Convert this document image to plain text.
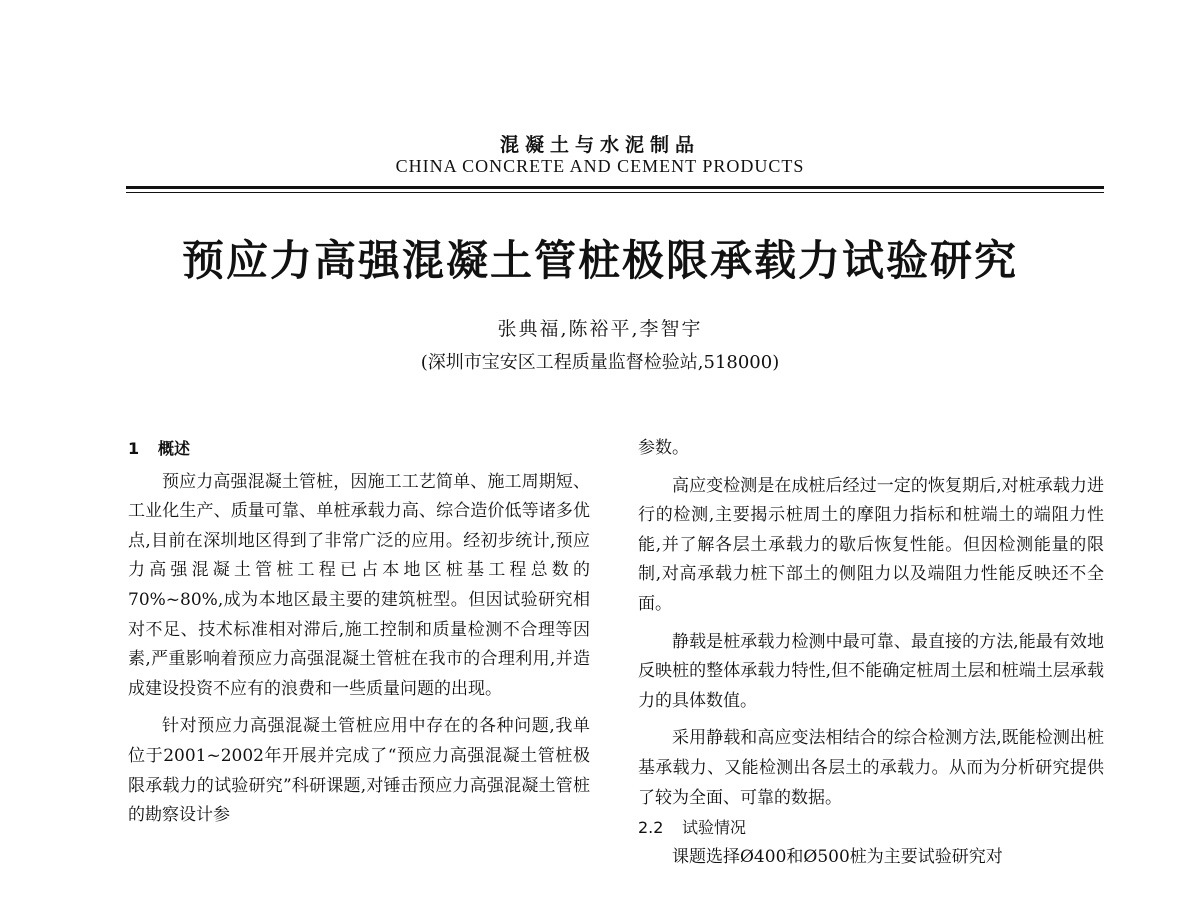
混凝土与水泥制品
CHINA CONCRETE AND CEMENT PRODUCTS
预应力高强混凝土管桩极限承载力试验研究
张典福,陈裕平,李智宇
(深圳市宝安区工程质量监督检验站,518000)
1 概述

预应力高强混凝土管桩，因施工工艺简单、施工周期短、工业化生产、质量可靠、单桩承载力高、综合造价低等诸多优点,目前在深圳地区得到了非常广泛的应用。经初步统计,预应力高强混凝土管桩工程已占本地区桩基工程总数的70%~80%,成为本地区最主要的建筑桩型。但因试验研究相对不足、技术标准相对滞后,施工控制和质量检测不合理等因素,严重影响着预应力高强混凝土管桩在我市的合理利用,并造成建设投资不应有的浪费和一些质量问题的出现。

针对预应力高强混凝土管桩应用中存在的各种问题,我单位于2001~2002年开展并完成了“预应力高强混凝土管桩极限承载力的试验研究”科研课题,对锤击预应力高强混凝土管桩的勘察设计参

参数。

高应变检测是在成桩后经过一定的恢复期后,对桩承载力进行的检测,主要揭示桩周土的摩阻力指标和桩端土的端阻力性能,并了解各层土承载力的歇后恢复性能。但因检测能量的限制,对高承载力桩下部土的侧阻力以及端阻力性能反映还不全面。

静载是桩承载力检测中最可靠、最直接的方法,能最有效地反映桩的整体承载力特性,但不能确定桩周土层和桩端土层承载力的具体数值。

采用静载和高应变法相结合的综合检测方法,既能检测出桩基承载力、又能检测出各层土的承载力。从而为分析研究提供了较为全面、可靠的数据。

2.2 试验情况

课题选择Ø400和Ø500桩为主要试验研究对
